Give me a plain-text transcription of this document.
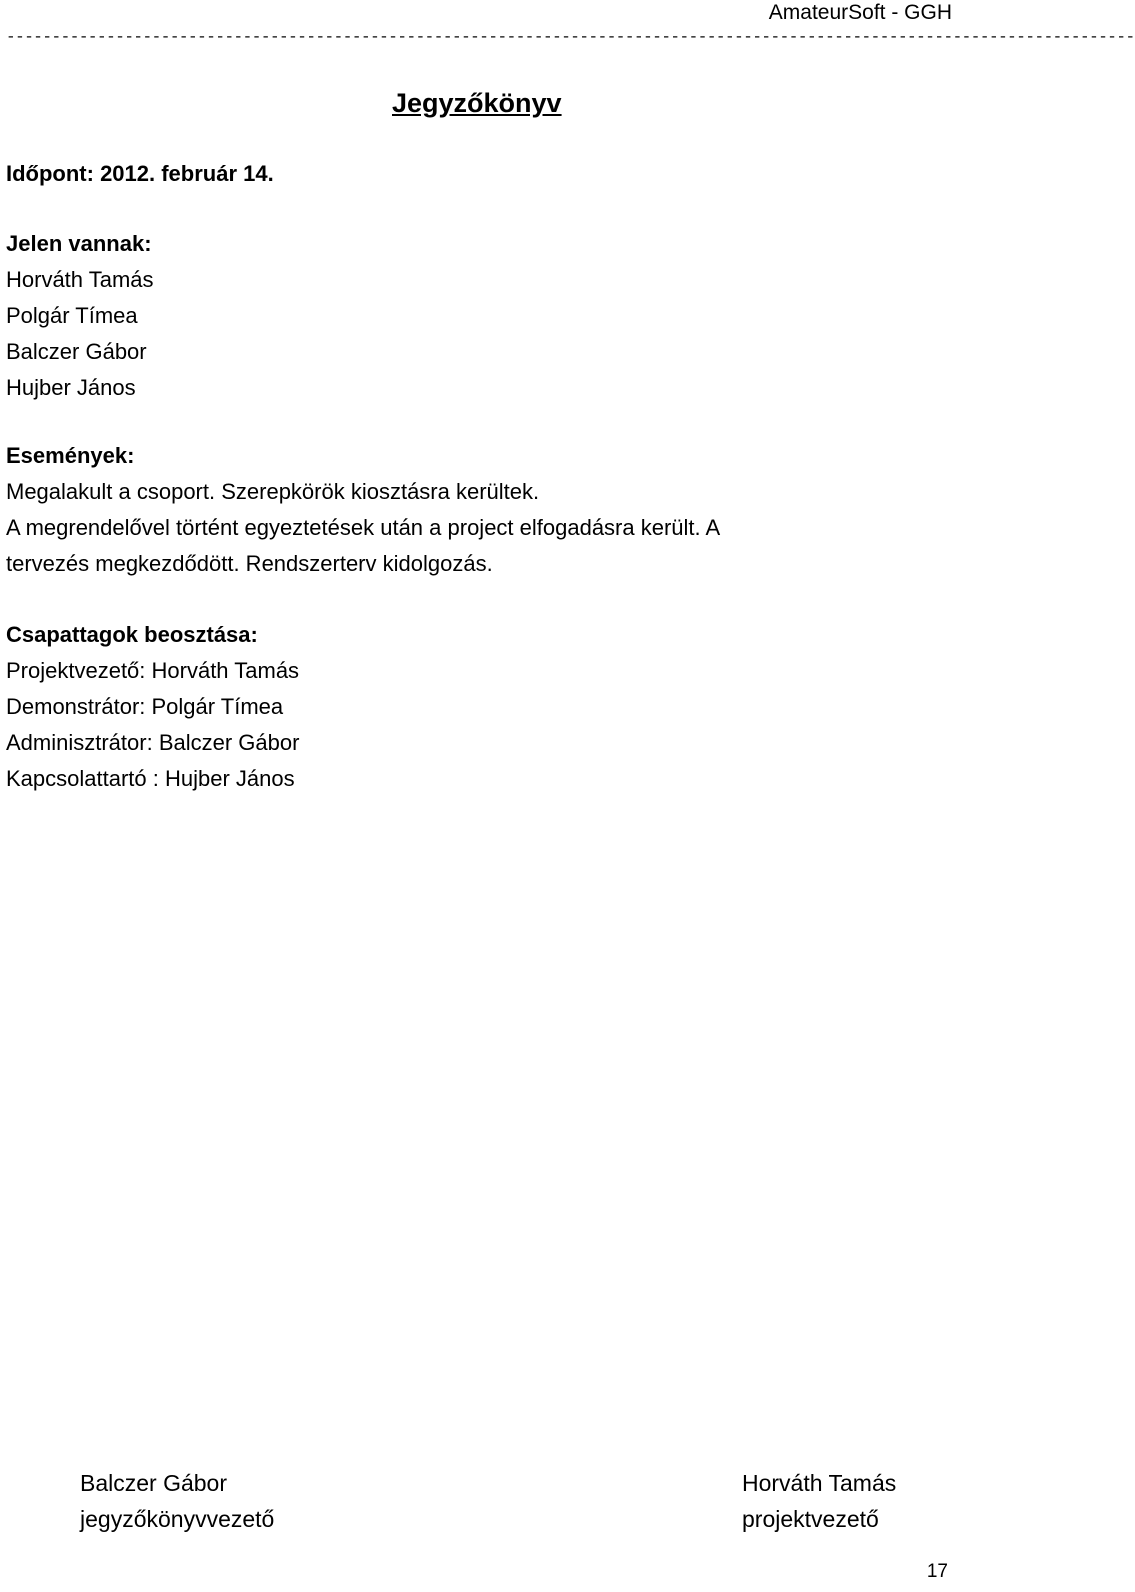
AmateurSoft - GGH
----------------------------------------------------------------------------------------------------------------------------
Jegyzőkönyv
Időpont: 2012. február 14.
Jelen vannak:
Horváth Tamás
Polgár Tímea
Balczer Gábor
Hujber János
Események:
Megalakult a csoport. Szerepkörök kiosztásra kerültek.
A megrendelővel történt egyeztetések után a project elfogadásra került. A
tervezés megkezdődött. Rendszerterv kidolgozás.
Csapattagok beosztása:
Projektvezető: Horváth Tamás
Demonstrátor: Polgár Tímea
Adminisztrátor: Balczer Gábor
Kapcsolattartó : Hujber János
Balczer Gábor
jegyzőkönyvvezető
Horváth Tamás
projektvezető
17
